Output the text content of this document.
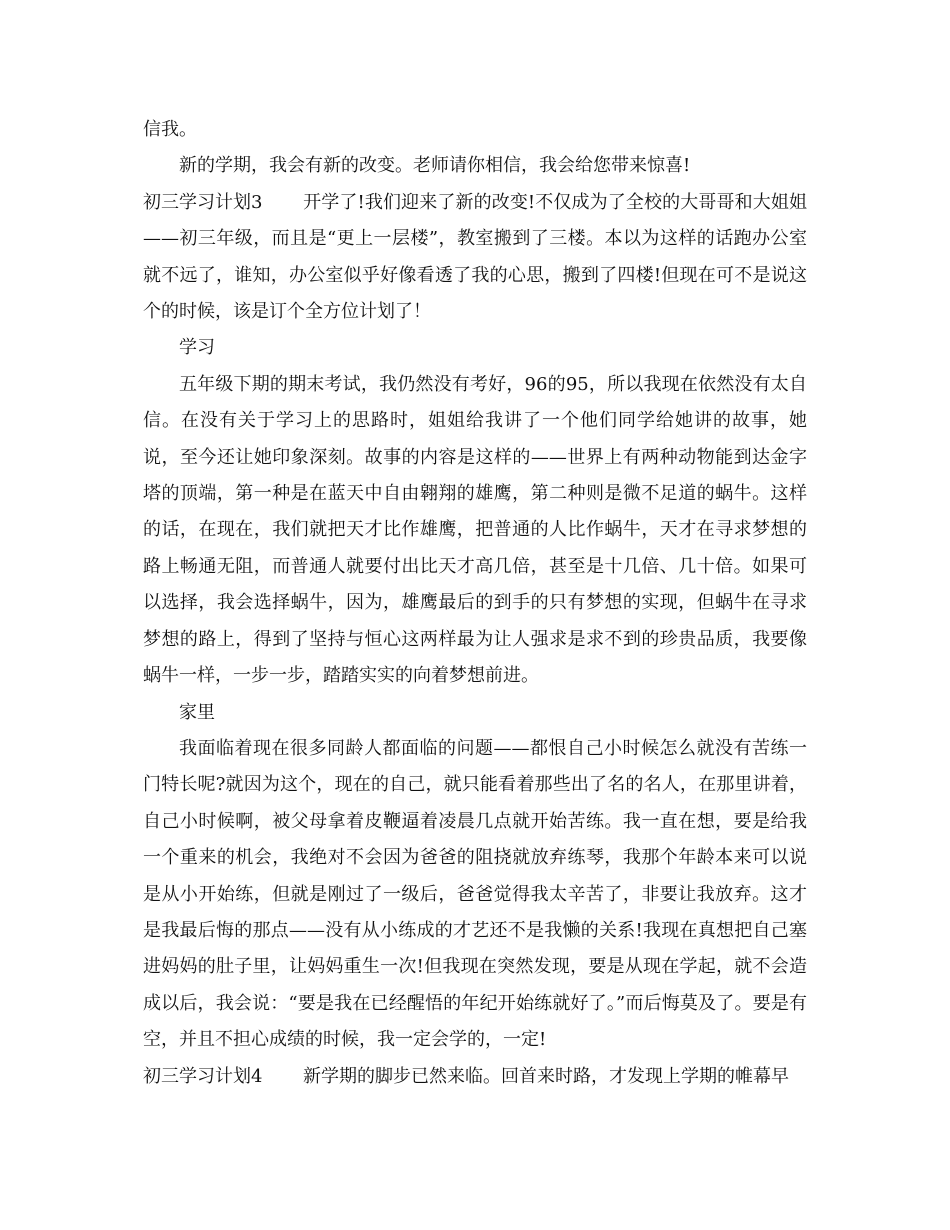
信我。

新的学期，我会有新的改变。老师请你相信，我会给您带来惊喜!

初三学习计划3 开学了!我们迎来了新的改变!不仅成为了全校的大哥哥和大姐姐——初三年级，而且是“更上一层楼”，教室搬到了三楼。本以为这样的话跑办公室就不远了，谁知，办公室似乎好像看透了我的心思，搬到了四楼!但现在可不是说这个的时候，该是订个全方位计划了！

学习

五年级下期的期末考试，我仍然没有考好，96的95，所以我现在依然没有太自信。在没有关于学习上的思路时，姐姐给我讲了一个他们同学给她讲的故事，她说，至今还让她印象深刻。故事的内容是这样的——世界上有两种动物能到达金字塔的顶端，第一种是在蓝天中自由翱翔的雄鹰，第二种则是微不足道的蜗牛。这样的话，在现在，我们就把天才比作雄鹰，把普通的人比作蜗牛，天才在寻求梦想的路上畅通无阻，而普通人就要付出比天才高几倍，甚至是十几倍、几十倍。如果可以选择，我会选择蜗牛，因为，雄鹰最后的到手的只有梦想的实现，但蜗牛在寻求梦想的路上，得到了坚持与恒心这两样最为让人强求是求不到的珍贵品质，我要像蜗牛一样，一步一步，踏踏实实的向着梦想前进。

家里

我面临着现在很多同龄人都面临的问题——都恨自己小时候怎么就没有苦练一门特长呢?就因为这个，现在的自己，就只能看着那些出了名的名人，在那里讲着，自己小时候啊，被父母拿着皮鞭逼着凌晨几点就开始苦练。我一直在想，要是给我一个重来的机会，我绝对不会因为爸爸的阻挠就放弃练琴，我那个年龄本来可以说是从小开始练，但就是刚过了一级后，爸爸觉得我太辛苦了，非要让我放弃。这才是我最后悔的那点——没有从小练成的才艺还不是我懒的关系!我现在真想把自己塞进妈妈的肚子里，让妈妈重生一次!但我现在突然发现，要是从现在学起，就不会造成以后，我会说：“要是我在已经醒悟的年纪开始练就好了。”而后悔莫及了。要是有空，并且不担心成绩的时候，我一定会学的，一定!

初三学习计划4 新学期的脚步已然来临。回首来时路，才发现上学期的帷幕早
